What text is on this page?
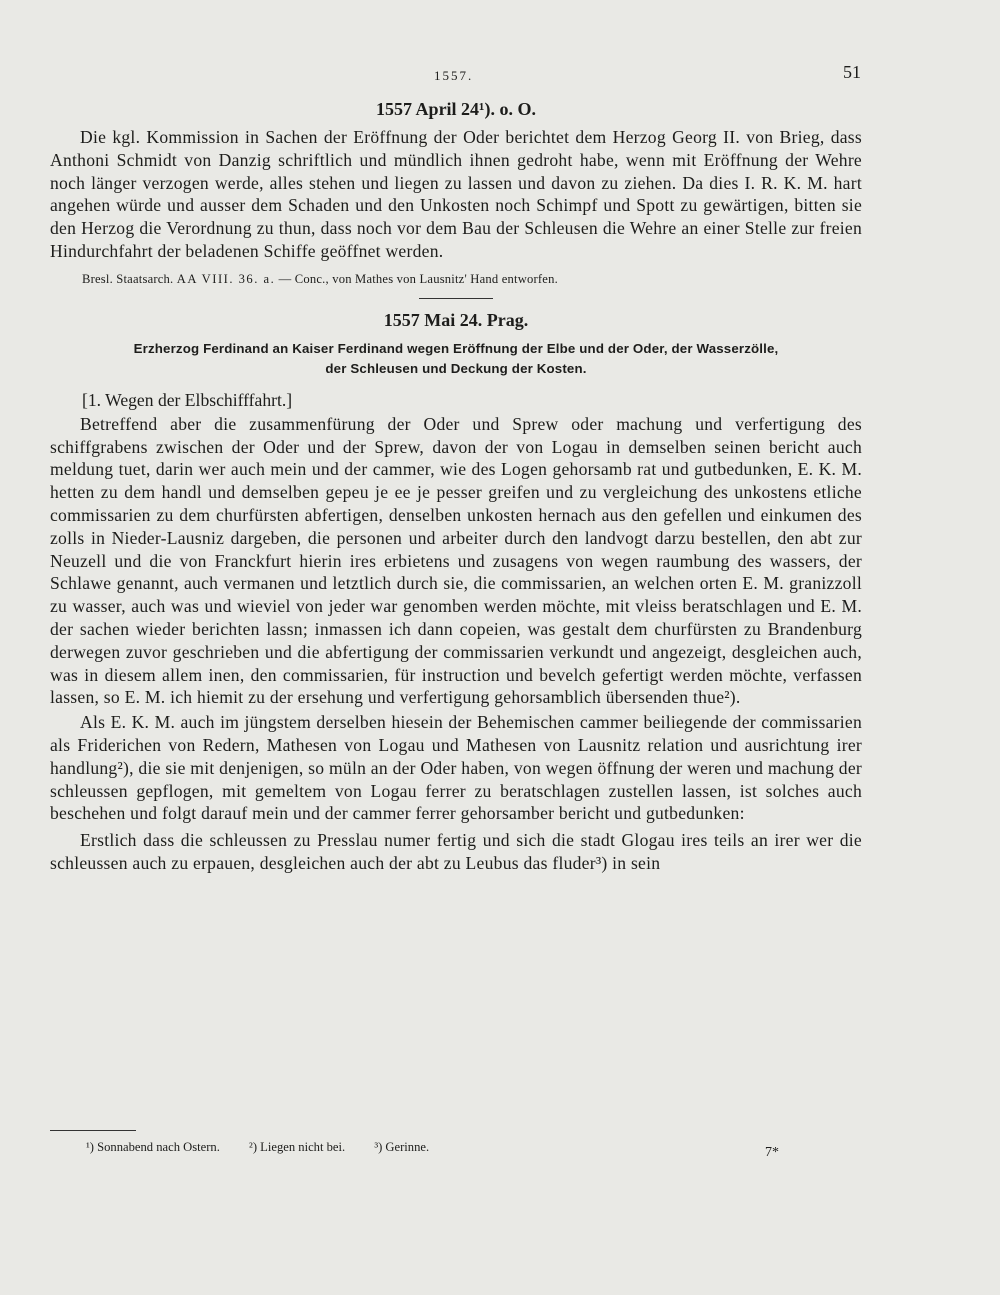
1557.	51
1557 April 24¹). o. O.

Die kgl. Kommission in Sachen der Eröffnung der Oder berichtet dem Herzog Georg II. von Brieg, dass Anthoni Schmidt von Danzig schriftlich und mündlich ihnen gedroht habe, wenn mit Eröffnung der Wehre noch länger verzogen werde, alles stehen und liegen zu lassen und davon zu ziehen. Da dies I. R. K. M. hart angehen würde und ausser dem Schaden und den Unkosten noch Schimpf und Spott zu gewärtigen, bitten sie den Herzog die Verordnung zu thun, dass noch vor dem Bau der Schleusen die Wehre an einer Stelle zur freien Hindurchfahrt der beladenen Schiffe geöffnet werden.

Bresl. Staatsarch. AA VIII. 36. a. — Conc., von Mathes von Lausnitz' Hand entworfen.
1557 Mai 24. Prag.
Erzherzog Ferdinand an Kaiser Ferdinand wegen Eröffnung der Elbe und der Oder, der Wasserzölle,
der Schleusen und Deckung der Kosten.
[1. Wegen der Elbschifffahrt.]

Betreffend aber die zusammenfürung der Oder und Sprew oder machung und verfertigung des schiffgrabens zwischen der Oder und der Sprew, davon der von Logau in demselben seinen bericht auch meldung tuet, darin wer auch mein und der cammer, wie des Logen gehorsamb rat und gutbedunken, E. K. M. hetten zu dem handl und demselben gepeu je ee je pesser greifen und zu vergleichung des unkostens etliche commissarien zu dem churfürsten abfertigen, denselben unkosten hernach aus den gefellen und einkumen des zolls in Nieder-Lausniz dargeben, die personen und arbeiter durch den landvogt darzu bestellen, den abt zur Neuzell und die von Franckfurt hierin ires erbietens und zusagens von wegen raumbung des wassers, der Schlawe genannt, auch vermanen und letztlich durch sie, die commissarien, an welchen orten E. M. granizzoll zu wasser, auch was und wieviel von jeder war genomben werden möchte, mit vleiss beratschlagen und E. M. der sachen wieder berichten lassn; inmassen ich dann copeien, was gestalt dem churfürsten zu Brandenburg derwegen zuvor geschrieben und die abfertigung der commissarien verkundt und angezeigt, desgleichen auch, was in diesem allem inen, den commissarien, für instruction und bevelch gefertigt werden möchte, verfassen lassen, so E. M. ich hiemit zu der ersehung und verfertigung gehorsamblich übersenden thue²).

Als E. K. M. auch im jüngstem derselben hiesein der Behemischen cammer beiliegende der commissarien als Friderichen von Redern, Mathesen von Logau und Mathesen von Lausnitz relation und ausrichtung irer handlung²), die sie mit denjenigen, so müln an der Oder haben, von wegen öffnung der weren und machung der schleussen gepflogen, mit gemeltem von Logau ferrer zu beratschlagen zustellen lassen, ist solches auch beschehen und folgt darauf mein und der cammer ferrer gehorsamber bericht und gutbedunken:

Erstlich dass die schleussen zu Presslau numer fertig und sich die stadt Glogau ires teils an irer wer die schleussen auch zu erpauen, desgleichen auch der abt zu Leubus das fluder³) in sein

¹) Sonnabend nach Ostern. ²) Liegen nicht bei. ³) Gerinne.	7*
